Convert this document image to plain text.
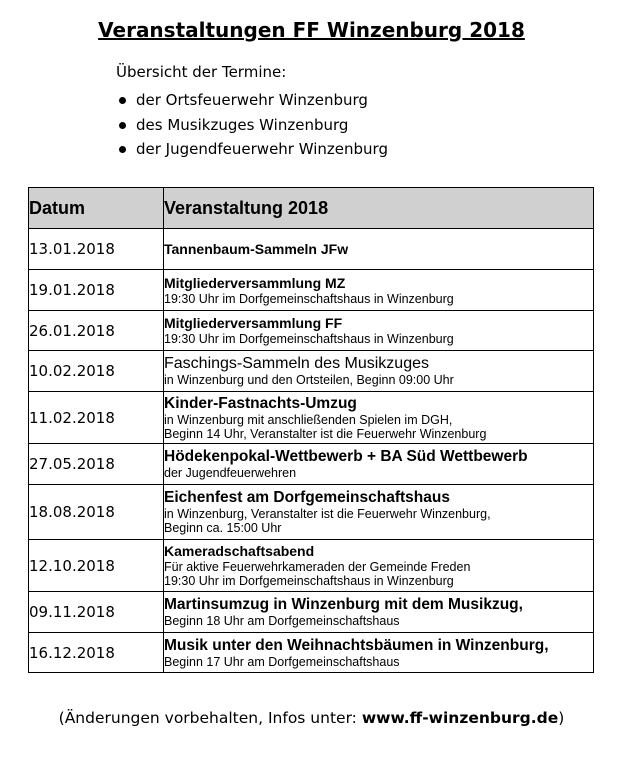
Veranstaltungen FF Winzenburg 2018
Übersicht der Termine:
der Ortsfeuerwehr Winzenburg
des Musikzuges Winzenburg
der Jugendfeuerwehr Winzenburg
Datum	Veranstaltung 2018
13.01.2018	Tannenbaum-Sammeln JFw

19.01.2018	Mitgliederversammlung MZ
19:30 Uhr im Dorfgemeinschaftshaus in Winzenburg

26.01.2018	Mitgliederversammlung FF
19:30 Uhr im Dorfgemeinschaftshaus in Winzenburg

10.02.2018	Faschings-Sammeln des Musikzuges
in Winzenburg und den Ortsteilen, Beginn 09:00 Uhr

11.02.2018	Kinder-Fastnachts-Umzug
in Winzenburg mit anschließenden Spielen im DGH,
Beginn 14 Uhr, Veranstalter ist die Feuerwehr Winzenburg

27.05.2018	Hödekenpokal-Wettbewerb + BA Süd Wettbewerb
der Jugendfeuerwehren

18.08.2018	Eichenfest am Dorfgemeinschaftshaus
in Winzenburg, Veranstalter ist die Feuerwehr Winzenburg,
Beginn ca. 15:00 Uhr

12.10.2018	Kameradschaftsabend
Für aktive Feuerwehrkameraden der Gemeinde Freden
19:30 Uhr im Dorfgemeinschaftshaus in Winzenburg

09.11.2018	Martinsumzug in Winzenburg mit dem Musikzug,
Beginn 18 Uhr am Dorfgemeinschaftshaus

16.12.2018	Musik unter den Weihnachtsbäumen in Winzenburg,
Beginn 17 Uhr am Dorfgemeinschaftshaus
(Änderungen vorbehalten, Infos unter: www.ff-winzenburg.de)
